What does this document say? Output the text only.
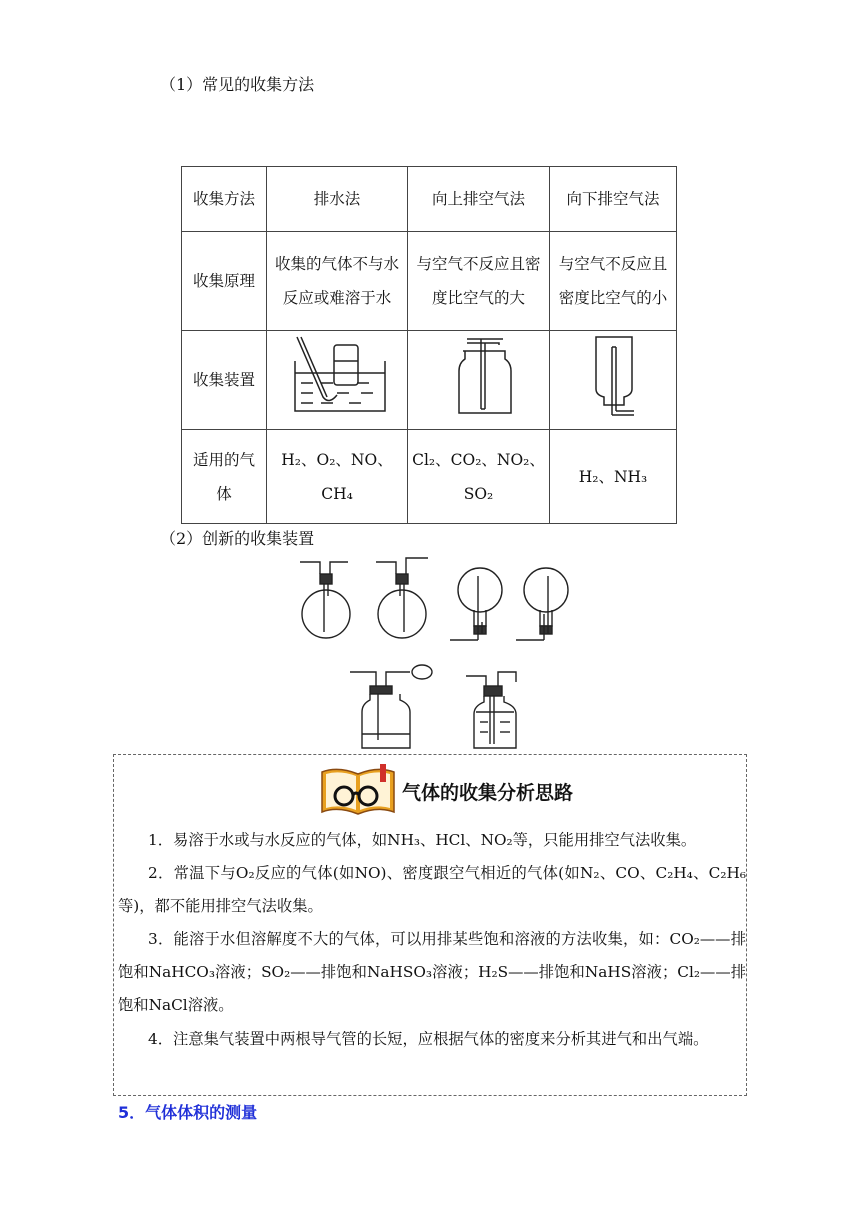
（1）常见的收集方法
收集方法	排水法	向上排空气法	向下排空气法
收集原理	收集的气体不与水反应或难溶于水	与空气不反应且密度比空气的大	与空气不反应且密度比空气的小
收集装置			
适用的气体	H₂、O₂、NO、CH₄	Cl₂、CO₂、NO₂、SO₂	H₂、NH₃
（2）创新的收集装置
气体的收集分析思路
1．易溶于水或与水反应的气体，如NH₃、HCl、NO₂等，只能用排空气法收集。
2．常温下与O₂反应的气体(如NO)、密度跟空气相近的气体(如N₂、CO、C₂H₄、C₂H₆等)，都不能用排空气法收集。
3．能溶于水但溶解度不大的气体，可以用排某些饱和溶液的方法收集，如：CO₂——排饱和NaHCO₃溶液；SO₂——排饱和NaHSO₃溶液；H₂S——排饱和NaHS溶液；Cl₂——排饱和NaCl溶液。
4．注意集气装置中两根导气管的长短，应根据气体的密度来分析其进气和出气端。
5．气体体积的测量
